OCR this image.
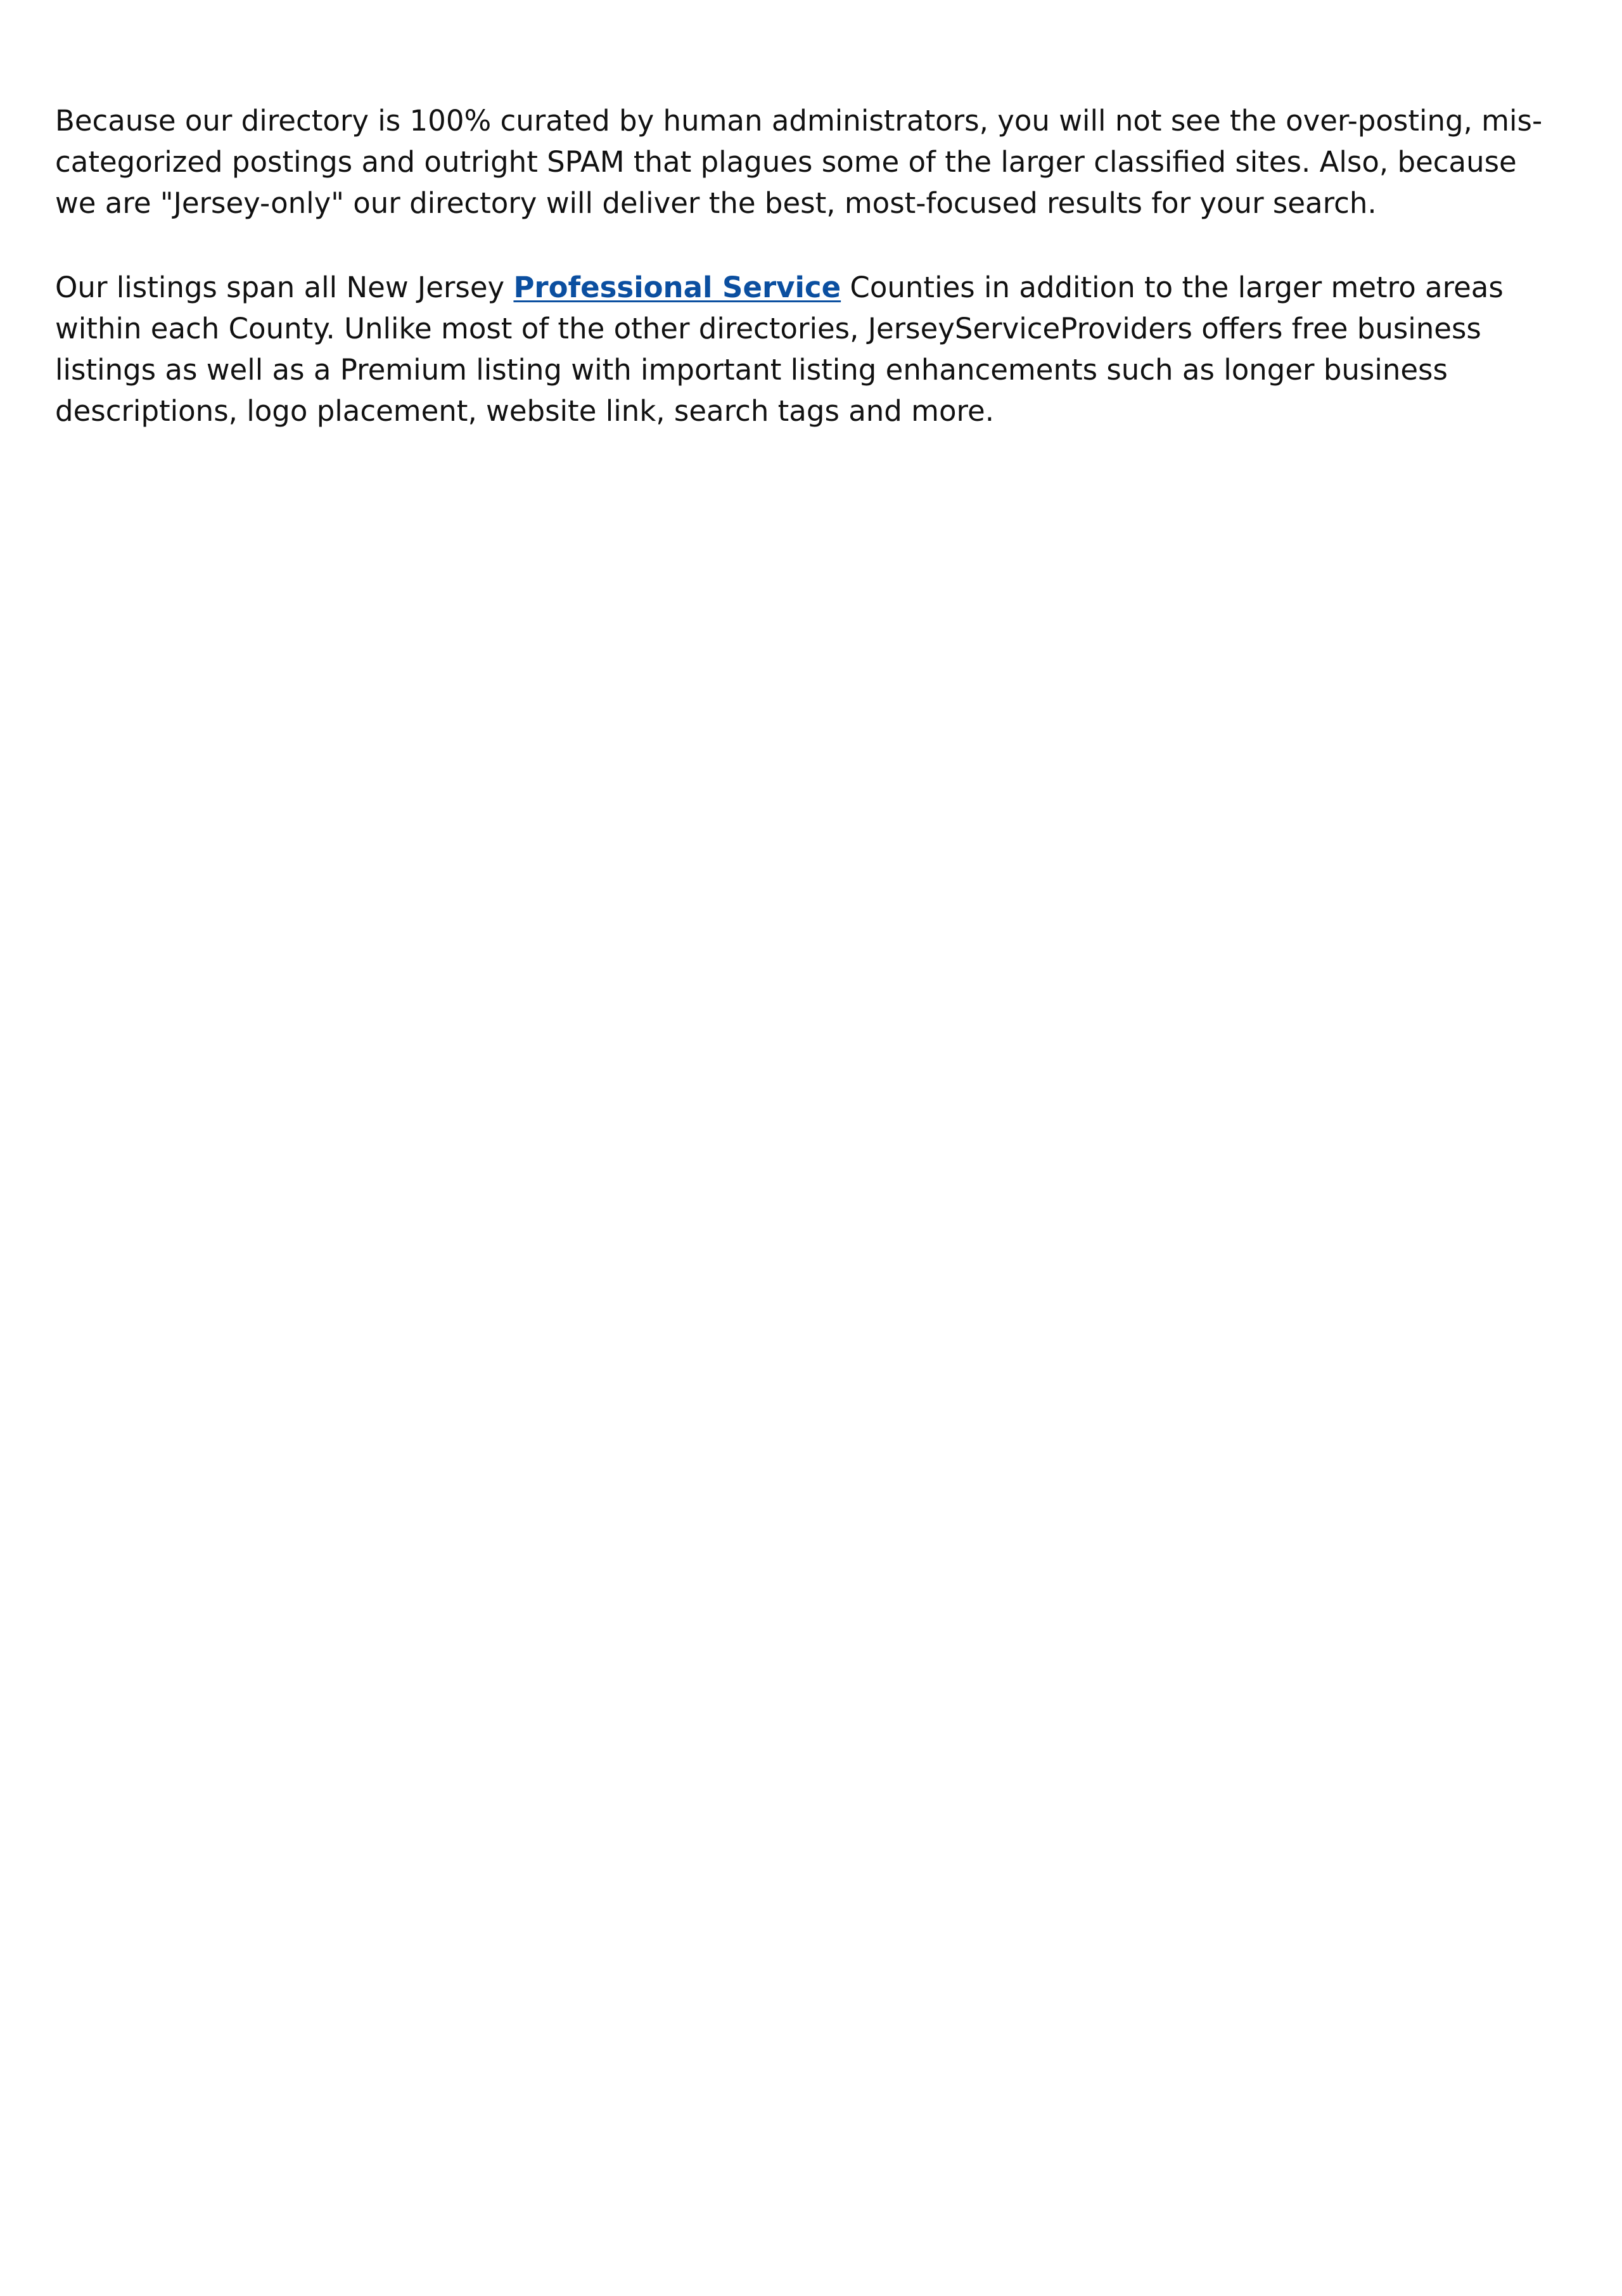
Because our directory is 100% curated by human administrators, you will not see the over-posting, mis-categorized postings and outright SPAM that plagues some of the larger classified sites. Also, because we are "Jersey-only" our directory will deliver the best, most-focused results for your search.

Our listings span all New Jersey Professional Service Counties in addition to the larger metro areas within each County. Unlike most of the other directories, JerseyServiceProviders offers free business listings as well as a Premium listing with important listing enhancements such as longer business descriptions, logo placement, website link, search tags and more.
